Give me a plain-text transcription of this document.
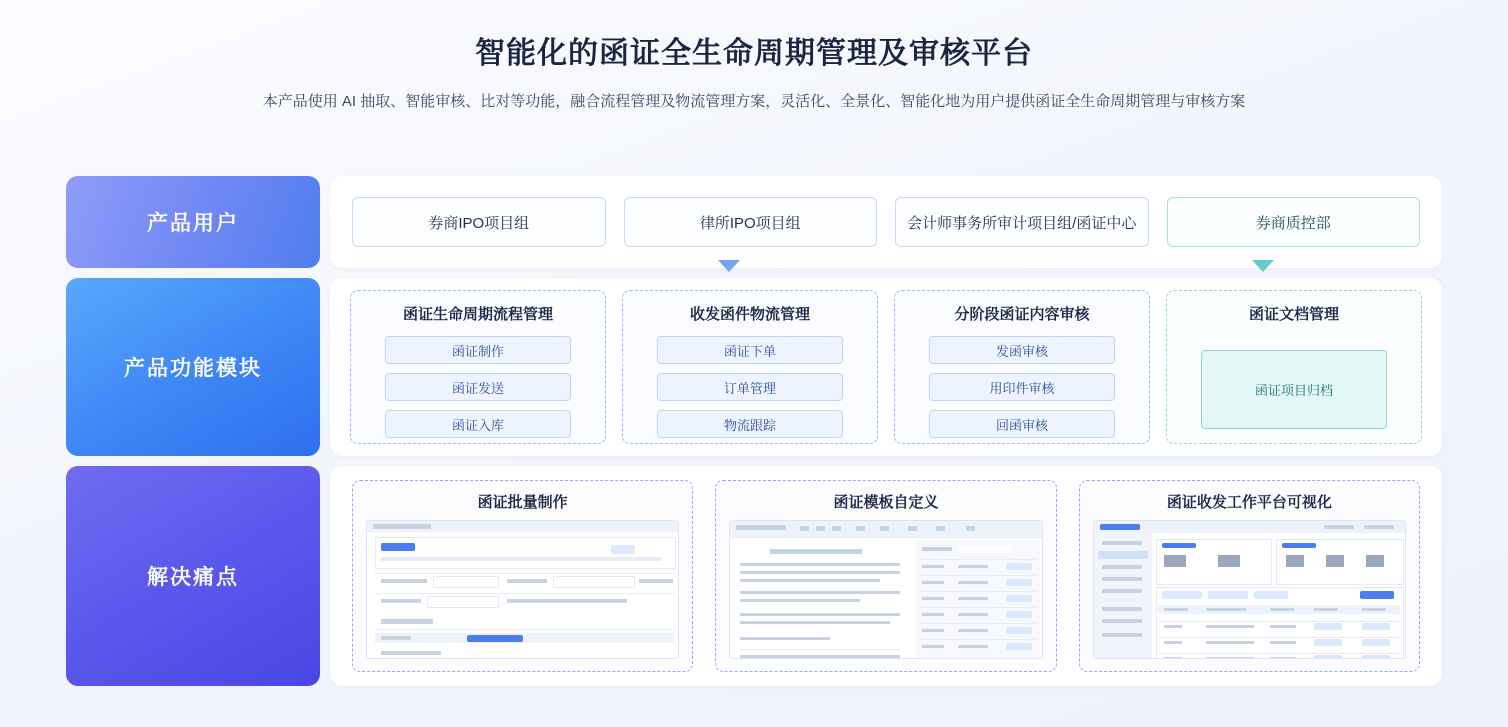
智能化的函证全生命周期管理及审核平台

本产品使用 AI 抽取、智能审核、比对等功能，融合流程管理及物流管理方案，灵活化、全景化、智能化地为用户提供函证全生命周期管理与审核方案

产品用户	券商IPO项目组	律所IPO项目组	会计师事务所审计项目组/函证中心	券商质控部
产品功能模块
函证生命周期流程管理
函证制作
函证发送
函证入库
收发函件物流管理
函证下单
订单管理
物流跟踪
分阶段函证内容审核
发函审核
用印件审核
回函审核
函证文档管理
函证项目归档
解决痛点
函证批量制作	函证模板自定义	函证收发工作平台可视化
